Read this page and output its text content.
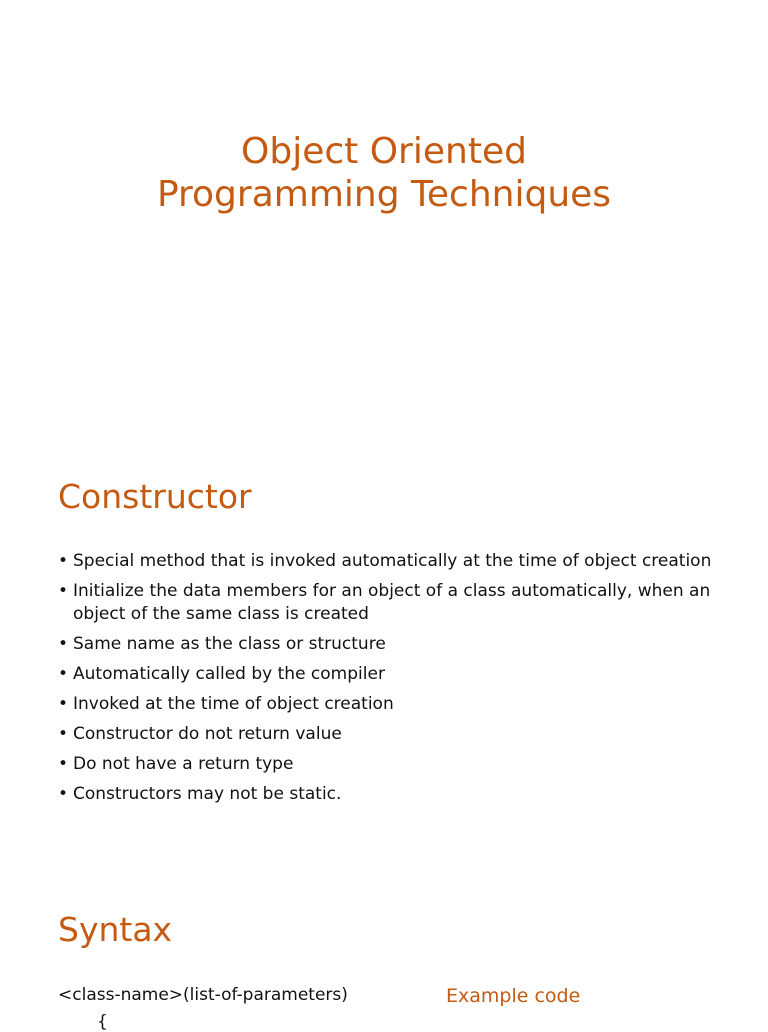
Object Oriented
Programming Techniques
Constructor
• Special method that is invoked automatically at the time of object creation
• Initialize the data members for an object of a class automatically, when an object of the same class is created
• Same name as the class or structure
• Automatically called by the compiler
• Invoked at the time of object creation
• Constructor do not return value
• Do not have a return type
• Constructors may not be static.
Syntax

<class-name>(list-of-parameters)

{

Example code
